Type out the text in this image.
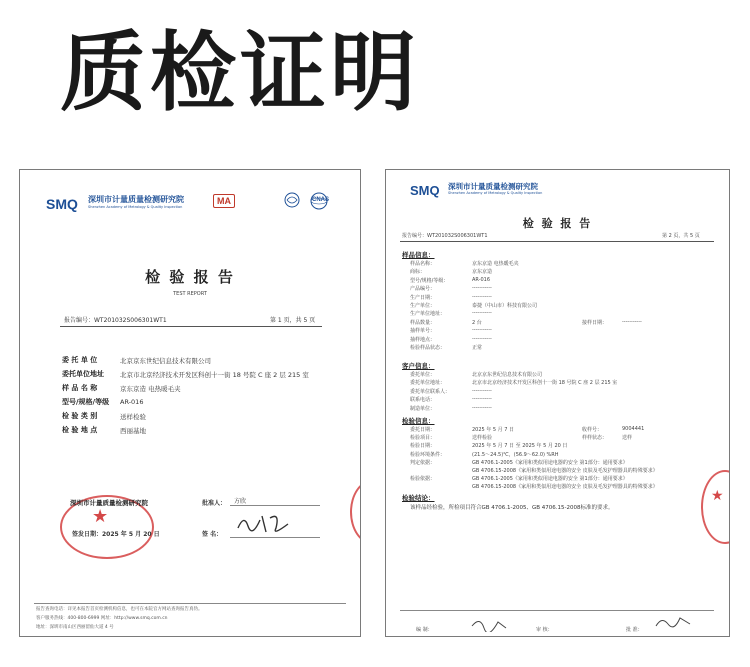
质检证明
SMQ 深圳市计量质量检测研究院
Shenzhen Academy of Metrology & Quality Inspection
MA	CNAS
检 验 报 告
TEST REPORT
报告编号：WT201032S006301WT1	第 1 页，共 5 页
委 托 单 位	北京京东世纪信息技术有限公司
委托单位地址 北京市北京经济技术开发区科创十一街 18 号院 C 座 2 层 215 室
样 品 名 称	京东京造 电热暖毛夹
型号/规格/等级 AR-016
检 验 类 别	送样检验
检 验 地 点	西丽基地
深圳市计量质量检测研究院
★
批准人： 方欣
签发日期：2025 年 5 月 20 日	签 名：
报告查询电话：详见本报告首页检测机构信息，也可在本院官方网站查询报告真伪。
客户服务热线：400-800-6999 网址：http://www.smq.com.cn
地址：深圳市南山区西丽留仙大道 4 号
SMQ 深圳市计量质量检测研究院
Shenzhen Academy of Metrology & Quality Inspection
检 验 报 告
报告编号：WT201032S006301WT1	第 2 页，共 5 页
样品信息：
样品名称：	京东京造 电热暖毛夹
商标：	京东京造
型号/规格/等级：	AR-016
产品编号：	-----------
生产日期：	-----------
生产单位：	泰捷（中山市）科技有限公司
生产单位地址：	-----------
样品数量：	2 台	接样日期：	-----------
抽样单号：	-----------
抽样地点：	-----------
检验样品状态：	正常
客户信息：
委托单位：	北京京东世纪信息技术有限公司
委托单位地址：	北京市北京经济技术开发区科创十一街 18 号院 C 座 2 层 215 室
委托单位联系人：	-----------
联系电话：	-----------
制造单位：	-----------
检验信息：
委托日期：	2025 年 5 月 7 日	收样号：	9004441
检验项目：	送样检验	样样状态：	送样
检验日期：	2025 年 5 月 7 日 至 2025 年 5 月 20 日
检验环境条件：	(21.5～24.5)℃，(56.9～62.0) %RH
判定依据：	GB 4706.1-2005《家用和类似用途电器的安全 第1部分：通用要求》
GB 4706.15-2008《家用和类似用途电器的安全 皮肤及毛发护理器具的特殊要求》
检验依据：	GB 4706.1-2005《家用和类似用途电器的安全 第1部分：通用要求》
GB 4706.15-2008《家用和类似用途电器的安全 皮肤及毛发护理器具的特殊要求》
检验结论：
该样品经检验，所检项目符合GB 4706.1-2005、GB 4706.15-2008标准的要求。
★
编 制：	审 核：	批 准：
